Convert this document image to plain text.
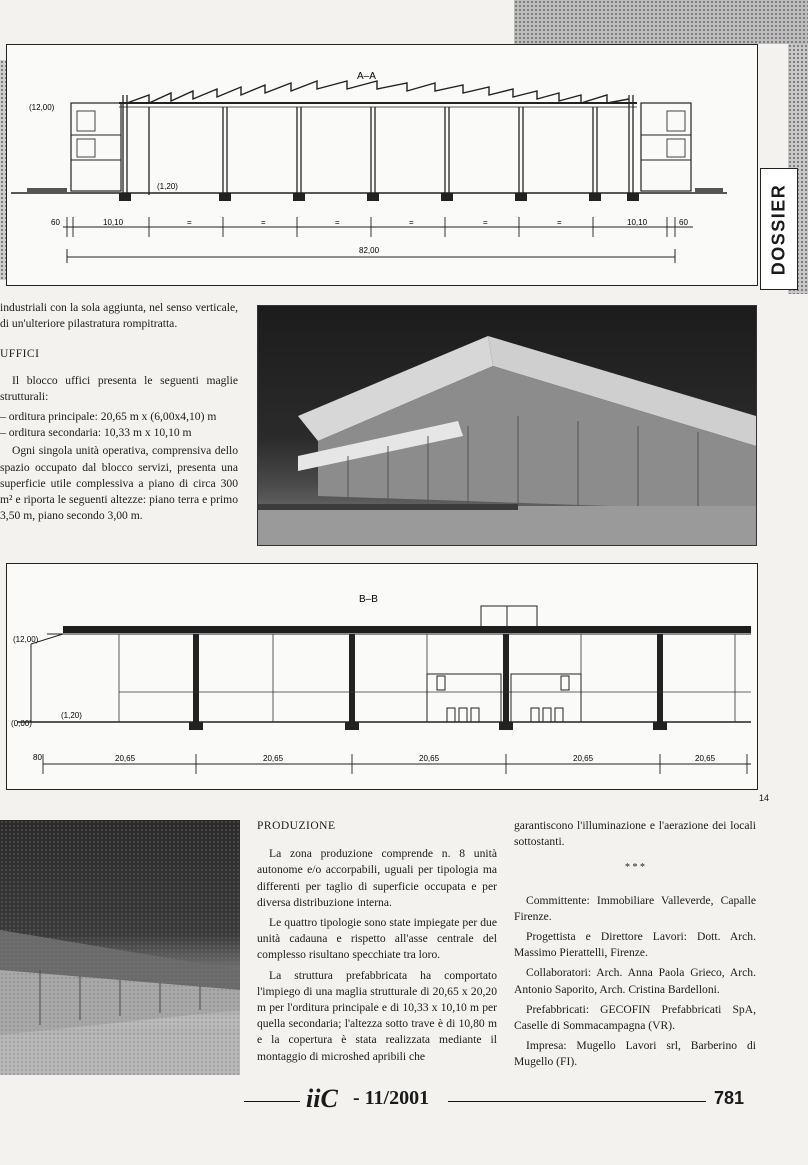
A–A
(12,00)
(1,20)
60	10,10	=	=	=	=	=	=	10,10	60
82,00	DOSSIER

industriali con la sola aggiunta, nel senso verticale, di un'ulteriore pilastratura rompitratta.

UFFICI

Il blocco uffici presenta le seguenti maglie strutturali:

– orditura principale: 20,65 m x (6,00x4,10) m
– orditura secondaria: 10,33 m x 10,10 m

Ogni singola unità operativa, comprensiva dello spazio occupato dal blocco servizi, presenta una superficie utile complessiva a piano di circa 300 m² e riporta le seguenti altezze: piano terra e primo 3,50 m, piano secondo 3,00 m.

B–B
(12,00)
(1,20)
(0,00)
80	20,65	20,65	20,65	20,65	20,65
14
PRODUZIONE

La zona produzione comprende n. 8 unità autonome e/o accorpabili, uguali per tipologia ma differenti per taglio di superficie occupata e per diversa distribuzione interna.

Le quattro tipologie sono state impiegate per due unità cadauna e rispetto all'asse centrale del complesso risultano specchiate tra loro.

La struttura prefabbricata ha comportato l'impiego di una maglia strutturale di 20,65 x 20,20 m per l'orditura principale e di 10,33 x 10,10 m per quella secondaria; l'altezza sotto trave è di 10,80 m e la copertura è stata realizzata mediante il montaggio di microshed apribili che

garantiscono l'illuminazione e l'aerazione dei locali sottostanti.

* * *

Committente: Immobiliare Valleverde, Capalle Firenze.

Progettista e Direttore Lavori: Dott. Arch. Massimo Pierattelli, Firenze.

Collaboratori: Arch. Anna Paola Grieco, Arch. Antonio Saporito, Arch. Cristina Bardelloni.

Prefabbricati: GECOFIN Prefabbricati SpA, Caselle di Sommacampagna (VR).

Impresa: Mugello Lavori srl, Barberino di Mugello (FI).

iiC - 11/2001	781
